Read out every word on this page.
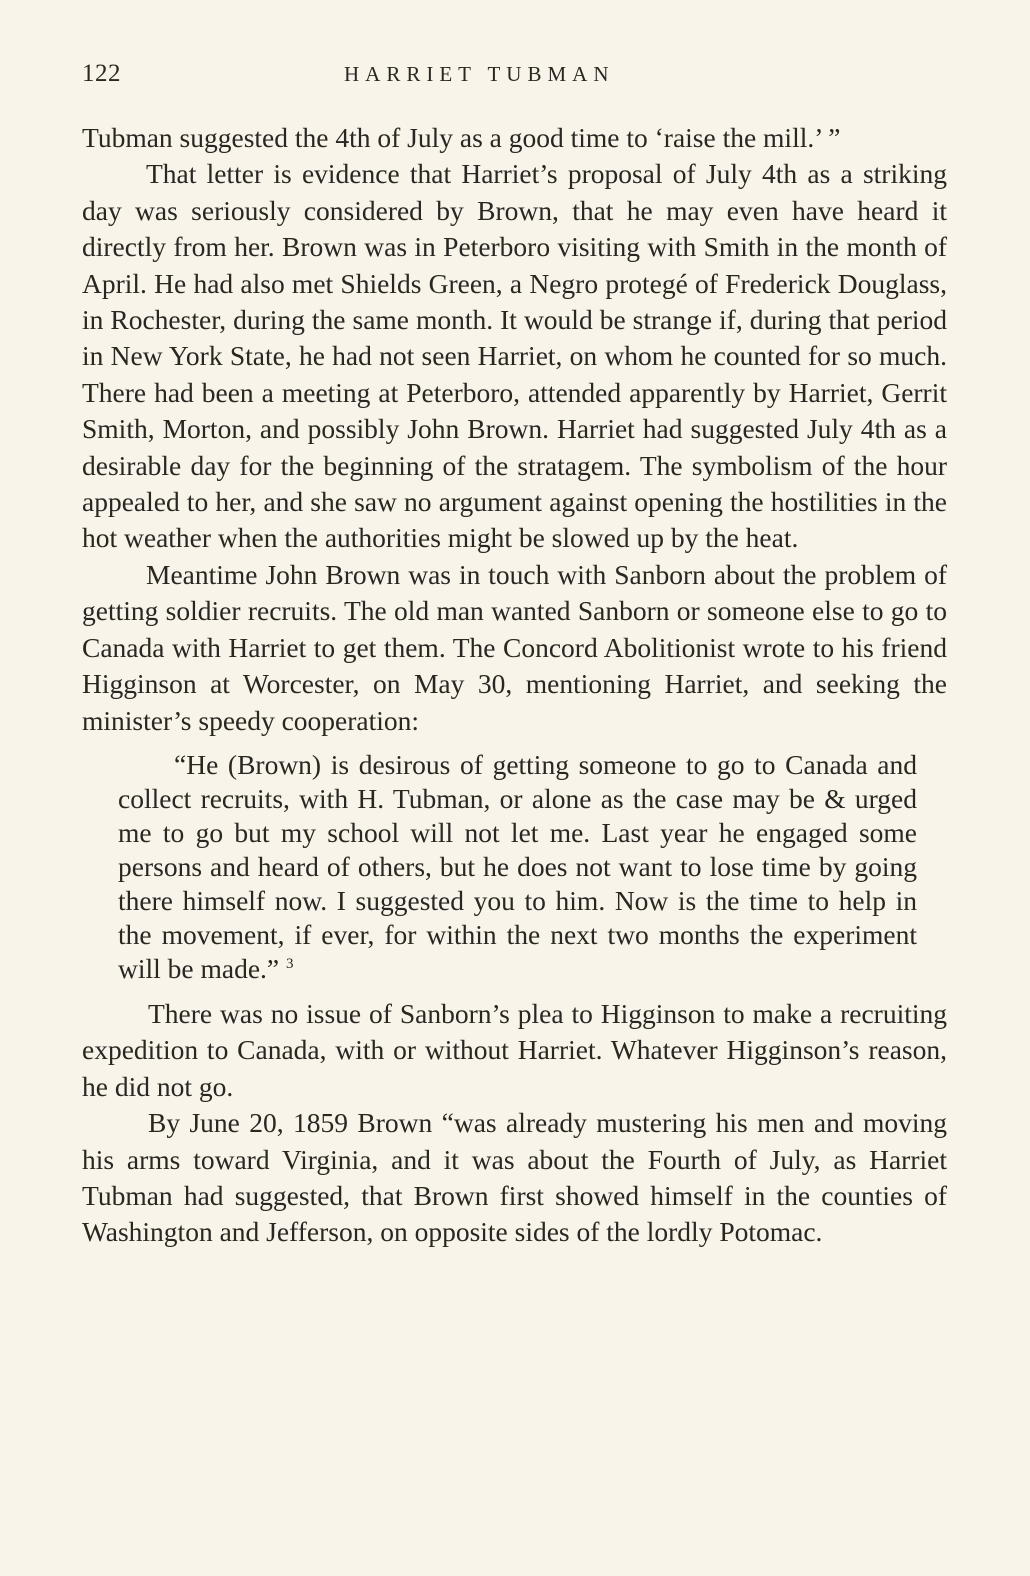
122	HARRIET TUBMAN

Tubman suggested the 4th of July as a good time to ‘raise the mill.’ ”

That letter is evidence that Harriet’s proposal of July 4th as a striking day was seriously considered by Brown, that he may even have heard it directly from her. Brown was in Peterboro visiting with Smith in the month of April. He had also met Shields Green, a Negro protegé of Frederick Douglass, in Rochester, during the same month. It would be strange if, during that period in New York State, he had not seen Harriet, on whom he counted for so much. There had been a meeting at Peterboro, attended apparently by Harriet, Gerrit Smith, Morton, and possibly John Brown. Harriet had suggested July 4th as a desirable day for the beginning of the stratagem. The symbolism of the hour appealed to her, and she saw no argument against opening the hostilities in the hot weather when the authorities might be slowed up by the heat.

Meantime John Brown was in touch with Sanborn about the problem of getting soldier recruits. The old man wanted Sanborn or someone else to go to Canada with Harriet to get them. The Concord Abolitionist wrote to his friend Higginson at Worcester, on May 30, mentioning Harriet, and seeking the minister’s speedy cooperation:

“He (Brown) is desirous of getting someone to go to Canada and collect recruits, with H. Tubman, or alone as the case may be & urged me to go but my school will not let me. Last year he engaged some persons and heard of others, but he does not want to lose time by going there himself now. I suggested you to him. Now is the time to help in the movement, if ever, for within the next two months the experiment will be made.” $^3$

There was no issue of Sanborn’s plea to Higginson to make a recruiting expedition to Canada, with or without Harriet. Whatever Higginson’s reason, he did not go.

By June 20, 1859 Brown “was already mustering his men and moving his arms toward Virginia, and it was about the Fourth of July, as Harriet Tubman had suggested, that Brown first showed himself in the counties of Washington and Jefferson, on opposite sides of the lordly Potomac.
